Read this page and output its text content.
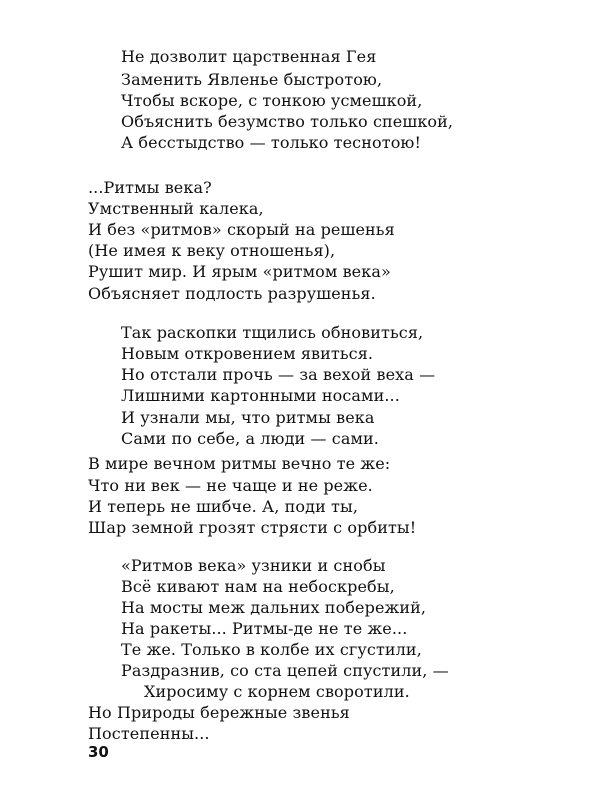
Не дозволит царственная Гея
Заменить Явленье быстротою,
Чтобы вскоре, с тонкою усмешкой,
Объяснить безумство только спешкой,
А бесстыдство — только теснотою!
...Ритмы века?
Умственный калека,
И без «ритмов» скорый на решенья
(Не имея к веку отношенья),
Рушит мир. И ярым «ритмом века»
Объясняет подлость разрушенья.
Так раскопки тщились обновиться,
Новым откровением явиться.
Но отстали прочь — за вехой веха —
Лишними картонными носами...
И узнали мы, что ритмы века
Сами по себе, а люди — сами.
В мире вечном ритмы вечно те же:
Что ни век — не чаще и не реже.
И теперь не шибче. А, поди ты,
Шар земной грозят стрясти с орбиты!
«Ритмов века» узники и снобы
Всё кивают нам на небоскребы,
На мосты меж дальних побережий,
На ракеты... Ритмы-де не те же...
Те же. Только в колбе их сгустили,
Раздразнив, со ста цепей спустили, —
Хиросиму с корнем своротили.
Но Природы бережные звенья
Постепенны...
30
